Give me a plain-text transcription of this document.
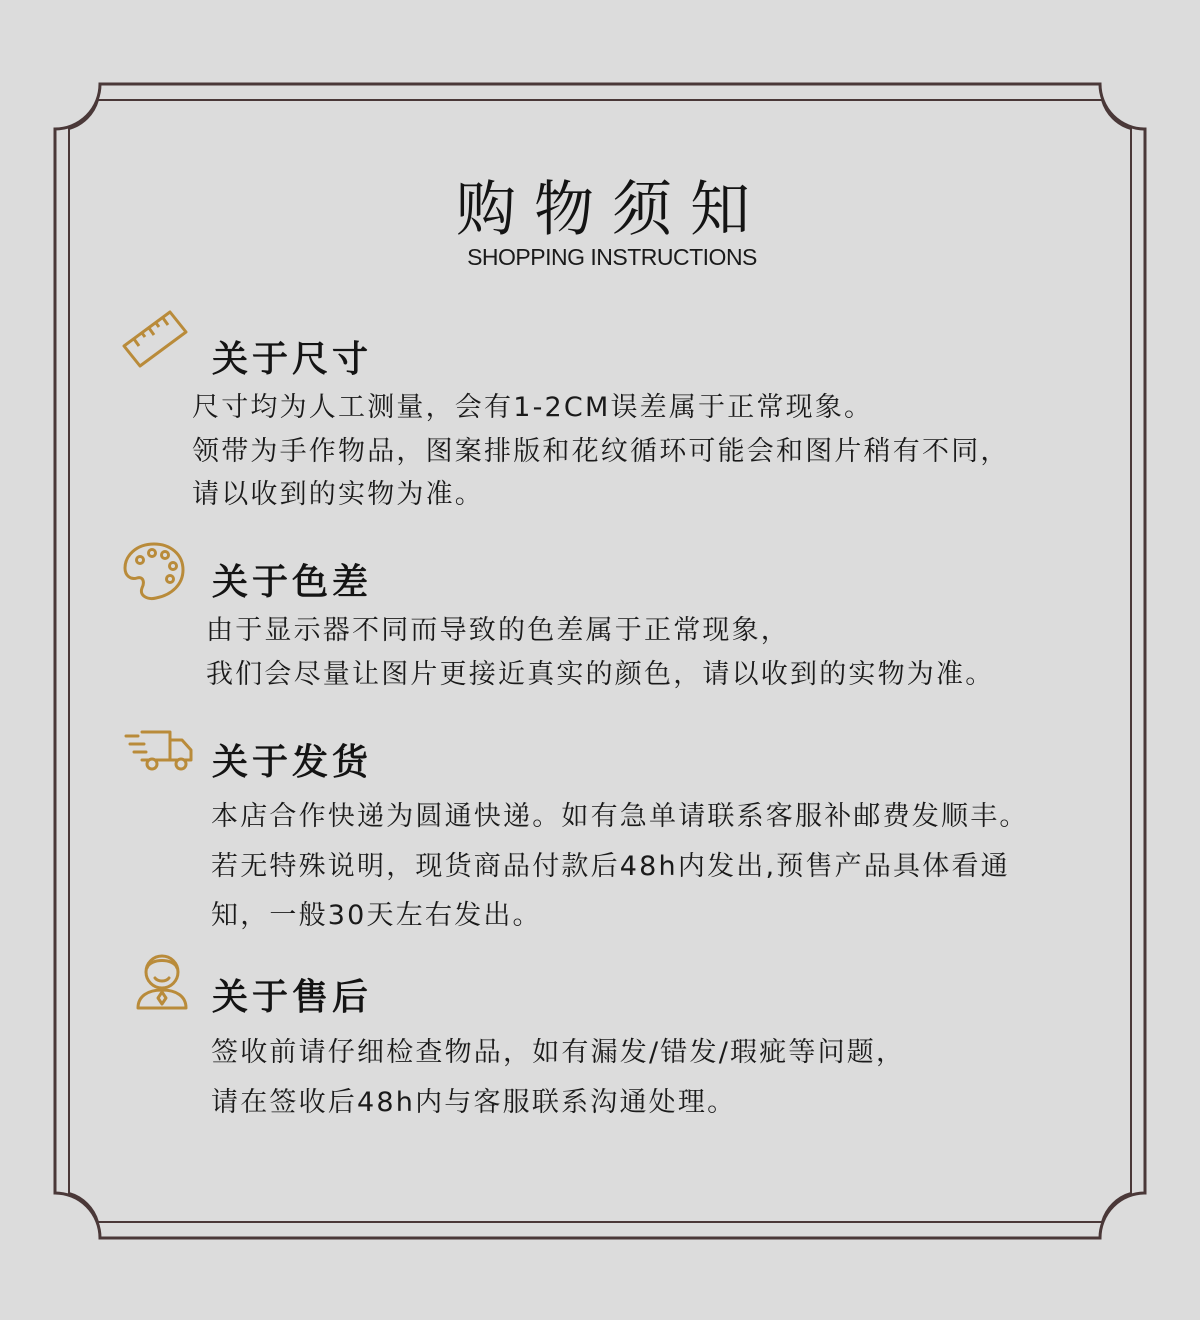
购物须知
SHOPPING INSTRUCTIONS
关于尺寸
尺寸均为人工测量，会有1-2CM误差属于正常现象。
领带为手作物品，图案排版和花纹循环可能会和图片稍有不同，
请以收到的实物为准。
关于色差
由于显示器不同而导致的色差属于正常现象，
我们会尽量让图片更接近真实的颜色，请以收到的实物为准。
关于发货
本店合作快递为圆通快递。如有急单请联系客服补邮费发顺丰。
若无特殊说明，现货商品付款后48h内发出,预售产品具体看通
知，一般30天左右发出。
关于售后
签收前请仔细检查物品，如有漏发/错发/瑕疵等问题，
请在签收后48h内与客服联系沟通处理。
